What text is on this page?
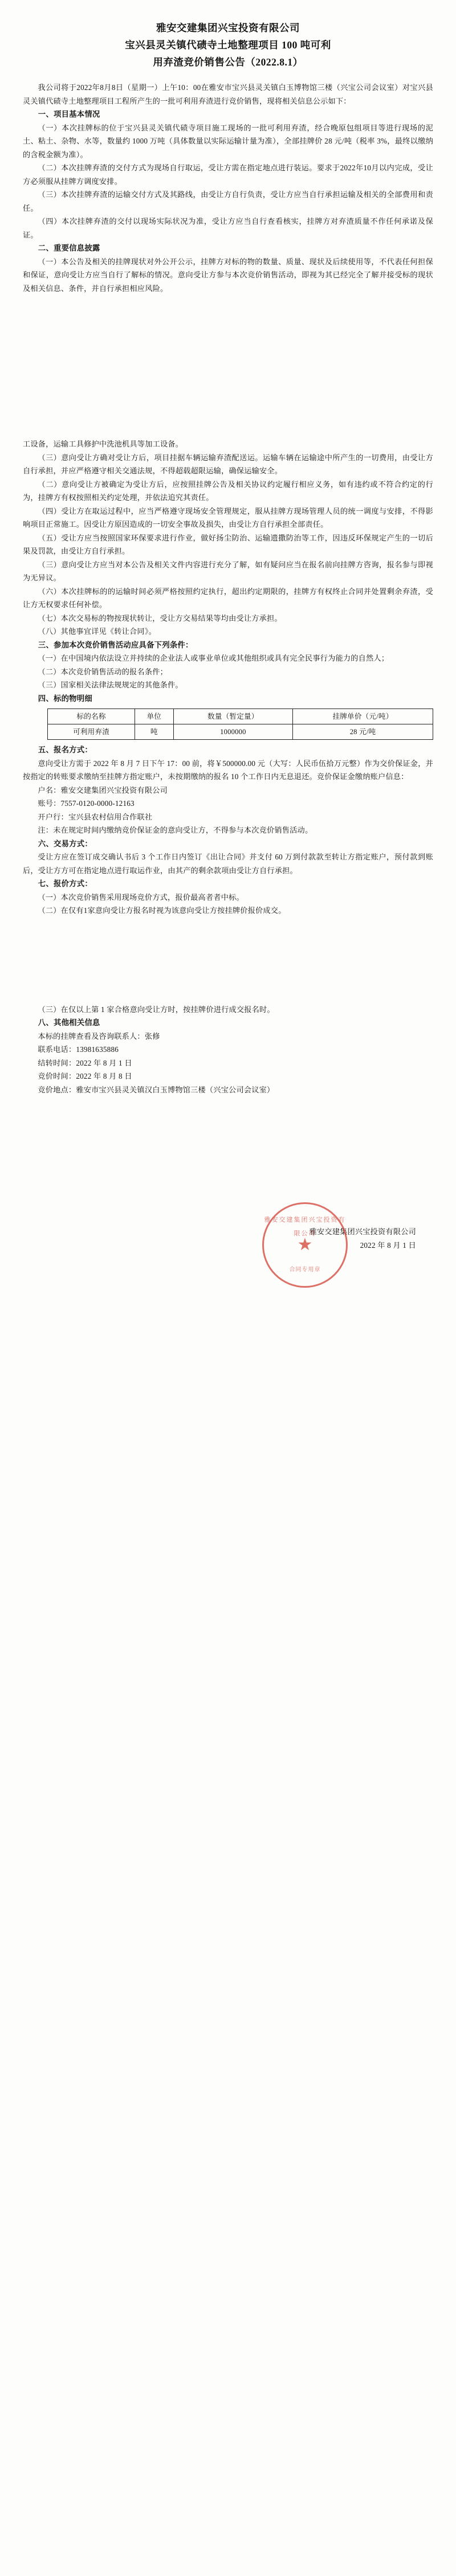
雅安交建集团兴宝投资有限公司
宝兴县灵关镇代碛寺土地整理项目 100 吨可利
用弃渣竞价销售公告（2022.8.1）

我公司将于2022年8月8日（星期一）上午10：00在雅安市宝兴县灵关镇白玉博物馆三楼（兴宝公司会议室）对宝兴县灵关镇代碛寺土地整理项目工程所产生的一批可利用弃渣进行竞价销售，现将相关信息公示如下：

一、项目基本情况

（一）本次挂牌标的位于宝兴县灵关镇代碛寺项目施工现场的一批可利用弃渣，经合晚原包组项目等进行现场的泥土、粘土、杂物、水等，数量约 1000 万吨（具体数量以实际运输计量为准），全部挂牌价 28 元/吨（税率 3%，最终以缴纳的含税金额为准）。

（二）本次挂牌弃渣的交付方式为现场自行取运，受让方需在指定地点进行装运。要求于2022年10月以内完成，受让方必须服从挂牌方调度安排。

（三）本次挂牌弃渣的运输交付方式及其路线，由受让方自行负责，受让方应当自行承担运输及相关的全部费用和责任。

（四）本次挂牌弃渣的交付以现场实际状况为准，受让方应当自行查看核实，挂牌方对弃渣质量不作任何承诺及保证。

二、重要信息披露

（一）本公告及相关的挂牌现状对外公开公示，挂牌方对标的物的数量、质量、现状及后续使用等，不代表任何担保和保证，意向受让方应当自行了解标的情况。意向受让方参与本次竞价销售活动，即视为其已经完全了解并接受标的现状及相关信息、条件，并自行承担相应风险。

工设备，运输工具修护中洗池机具等加工设备。

（三）意向受让方确对受让方后，项目挂据车辆运输弃渣配送运。运输车辆在运输途中所产生的一切费用，由受让方自行承担，并应严格遵守相关交通法规，不得超载超限运输，确保运输安全。

（二）意向受让方被确定为受让方后，应按照挂牌公告及相关协议约定履行相应义务，如有违约或不符合约定的行为，挂牌方有权按照相关约定处理，并依法追究其责任。

（四）受让方在取运过程中，应当严格遵守现场安全管理规定，服从挂牌方现场管理人员的统一调度与安排，不得影响项目正常施工。因受让方原因造成的一切安全事故及损失，由受让方自行承担全部责任。

（五）受让方应当按照国家环保要求进行作业，做好扬尘防治、运输遗撒防治等工作，因违反环保规定产生的一切后果及罚款，由受让方自行承担。

（三）意向受让方应当对本公告及相关文件内容进行充分了解，如有疑问应当在报名前向挂牌方咨询，报名参与即视为无异议。

（六）本次挂牌标的的运输时间必须严格按照约定执行，超出约定期限的，挂牌方有权终止合同并处置剩余弃渣，受让方无权要求任何补偿。

（七）本次交易标的物按现状转让，受让方交易结果等均由受让方承担。

（八）其他事宜详见《转让合同》。

三、参加本次竞价销售活动应具备下列条件：

（一）在中国境内依法设立并持续的企业法人或事业单位或其他组织或具有完全民事行为能力的自然人；

（二）本次竞价销售活动的报名条件；

（三）国家相关法律法规规定的其他条件。

四、标的物明细

标的名称	单位	数量（暂定量）	挂牌单价（元/吨）
可利用弃渣	吨	1000000	28 元/吨

五、报名方式：

意向受让方需于 2022 年 8 月 7 日下午 17：00 前，将￥500000.00 元（大写：人民币伍拾万元整）作为交价保证金，并按指定的转账要求缴纳至挂牌方指定账户，未按期缴纳的报名 10 个工作日内无息退还。竞价保证金缴纳账户信息：

户名：雅安交建集团兴宝投资有限公司

账号：7557-0120-0000-12163

开户行：宝兴县农村信用合作联社

注：未在规定时间内缴纳竞价保证金的意向受让方，不得参与本次竞价销售活动。

六、交易方式：

受让方应在签订成交确认书后 3 个工作日内签订《出让合同》并支付 60 万到付款款至转让方指定账户，预付款到账后，受让方方可在指定地点进行取运作业，由其产的剩余款项由受让方自行承担。

七、报价方式：

（一）本次竞价销售采用现场竞价方式，报价最高者者中标。

（二）在仅有1家意向受让方报名时视为该意向受让方按挂牌价报价成交。

（三）在仅以上第 1 家合格意向受让方时，按挂牌价进行成交报名时。

八、其他相关信息

本标的挂牌查看及咨询联系人：张修

联系电话：13981635886

结转时间：2022 年 8 月 1 日

竞价时间：2022 年 8 月 8 日

竞价地点：雅安市宝兴县灵关镇汉白玉博物馆三楼（兴宝公司会议室）

雅安交建集团兴宝投资有限公司
★
合同专用章
雅安交建集团兴宝投资有限公司
2022 年 8 月 1 日
